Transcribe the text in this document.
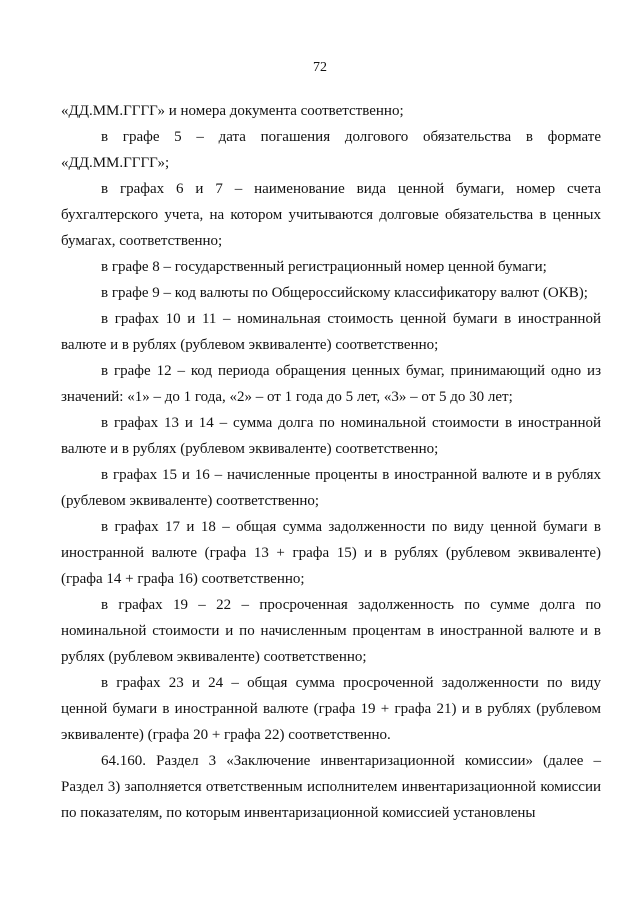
72

«ДД.ММ.ГГГГ» и номера документа соответственно;

в графе 5 – дата погашения долгового обязательства в формате «ДД.ММ.ГГГГ»;

в графах 6 и 7 – наименование вида ценной бумаги, номер счета бухгалтерского учета, на котором учитываются долговые обязательства в ценных бумагах, соответственно;

в графе 8 – государственный регистрационный номер ценной бумаги;

в графе 9 – код валюты по Общероссийскому классификатору валют (ОКВ);

в графах 10 и 11 – номинальная стоимость ценной бумаги в иностранной валюте и в рублях (рублевом эквиваленте) соответственно;

в графе 12 – код периода обращения ценных бумаг, принимающий одно из значений: «1» – до 1 года, «2» – от 1 года до 5 лет, «3» – от 5 до 30 лет;

в графах 13 и 14 – сумма долга по номинальной стоимости в иностранной валюте и в рублях (рублевом эквиваленте) соответственно;

в графах 15 и 16 – начисленные проценты в иностранной валюте и в рублях (рублевом эквиваленте) соответственно;

в графах 17 и 18 – общая сумма задолженности по виду ценной бумаги в иностранной валюте (графа 13 + графа 15) и в рублях (рублевом эквиваленте) (графа 14 + графа 16) соответственно;

в графах 19 – 22 – просроченная задолженность по сумме долга по номинальной стоимости и по начисленным процентам в иностранной валюте и в рублях (рублевом эквиваленте) соответственно;

в графах 23 и 24 – общая сумма просроченной задолженности по виду ценной бумаги в иностранной валюте (графа 19 + графа 21) и в рублях (рублевом эквиваленте) (графа 20 + графа 22) соответственно.

64.160. Раздел 3 «Заключение инвентаризационной комиссии» (далее – Раздел 3) заполняется ответственным исполнителем инвентаризационной комиссии по показателям, по которым инвентаризационной комиссией установлены
